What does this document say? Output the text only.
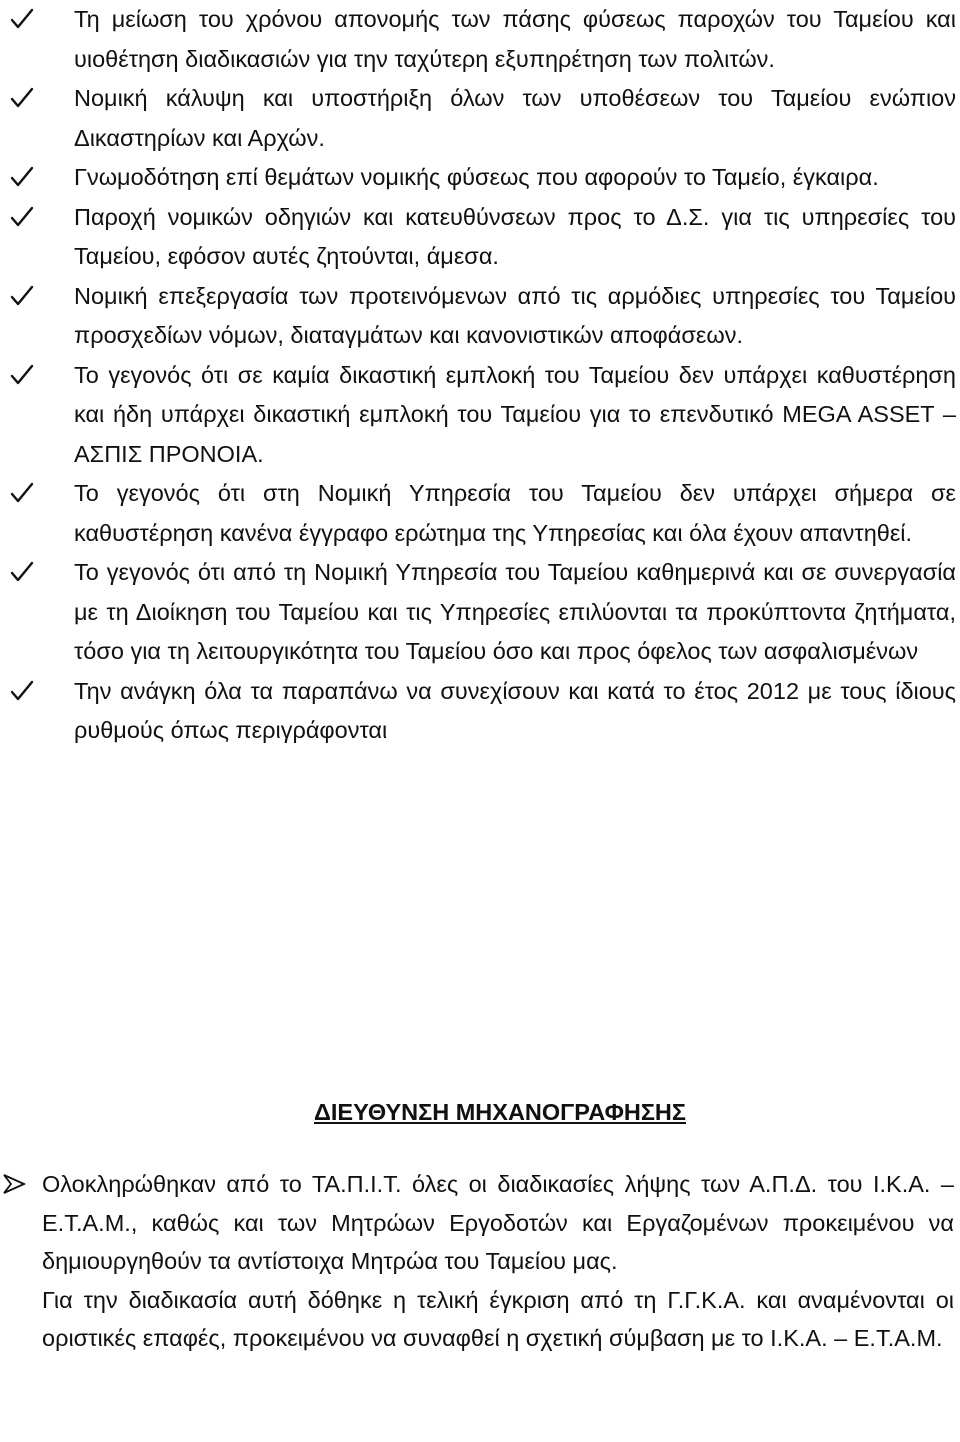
Τη μείωση του χρόνου απονομής των πάσης φύσεως παροχών του Ταμείου και υιοθέτηση διαδικασιών για την ταχύτερη εξυπηρέτηση των πολιτών.
Νομική κάλυψη και υποστήριξη όλων των υποθέσεων του Ταμείου ενώπιον Δικαστηρίων και Αρχών.
Γνωμοδότηση επί θεμάτων νομικής φύσεως που αφορούν το Ταμείο, έγκαιρα.
Παροχή νομικών οδηγιών και κατευθύνσεων προς το Δ.Σ. για τις υπηρεσίες του Ταμείου, εφόσον αυτές ζητούνται, άμεσα.
Νομική επεξεργασία των προτεινόμενων από τις αρμόδιες υπηρεσίες του Ταμείου προσχεδίων νόμων, διαταγμάτων και κανονιστικών αποφάσεων.
Το γεγονός ότι σε καμία δικαστική εμπλοκή του Ταμείου δεν υπάρχει καθυστέρηση και ήδη υπάρχει δικαστική εμπλοκή του Ταμείου για το επενδυτικό MEGA ASSET –ΑΣΠΙΣ ΠΡΟΝΟΙΑ.
Το γεγονός ότι στη Νομική Υπηρεσία του Ταμείου δεν υπάρχει σήμερα σε καθυστέρηση κανένα έγγραφο ερώτημα της Υπηρεσίας και όλα έχουν απαντηθεί.
Το γεγονός ότι από τη Νομική Υπηρεσία του Ταμείου καθημερινά και σε συνεργασία με τη Διοίκηση του Ταμείου και τις Υπηρεσίες επιλύονται τα προκύπτοντα ζητήματα, τόσο για τη λειτουργικότητα του Ταμείου όσο και προς όφελος των ασφαλισμένων
Την ανάγκη όλα τα παραπάνω να συνεχίσουν και κατά το έτος 2012 με τους ίδιους ρυθμούς όπως περιγράφονται
ΔΙΕΥΘΥΝΣΗ ΜΗΧΑΝΟΓΡΑΦΗΣΗΣ

Ολοκληρώθηκαν από το ΤΑ.Π.Ι.Τ. όλες οι διαδικασίες λήψης των Α.Π.Δ. του Ι.Κ.Α. – Ε.Τ.Α.Μ., καθώς και των Μητρώων Εργοδοτών και Εργαζομένων προκειμένου να δημιουργηθούν τα αντίστοιχα Μητρώα του Ταμείου μας.

Για την διαδικασία αυτή δόθηκε η τελική έγκριση από τη Γ.Γ.Κ.Α. και αναμένονται οι οριστικές επαφές, προκειμένου να συναφθεί η σχετική σύμβαση με το Ι.Κ.Α. – Ε.Τ.Α.Μ.
